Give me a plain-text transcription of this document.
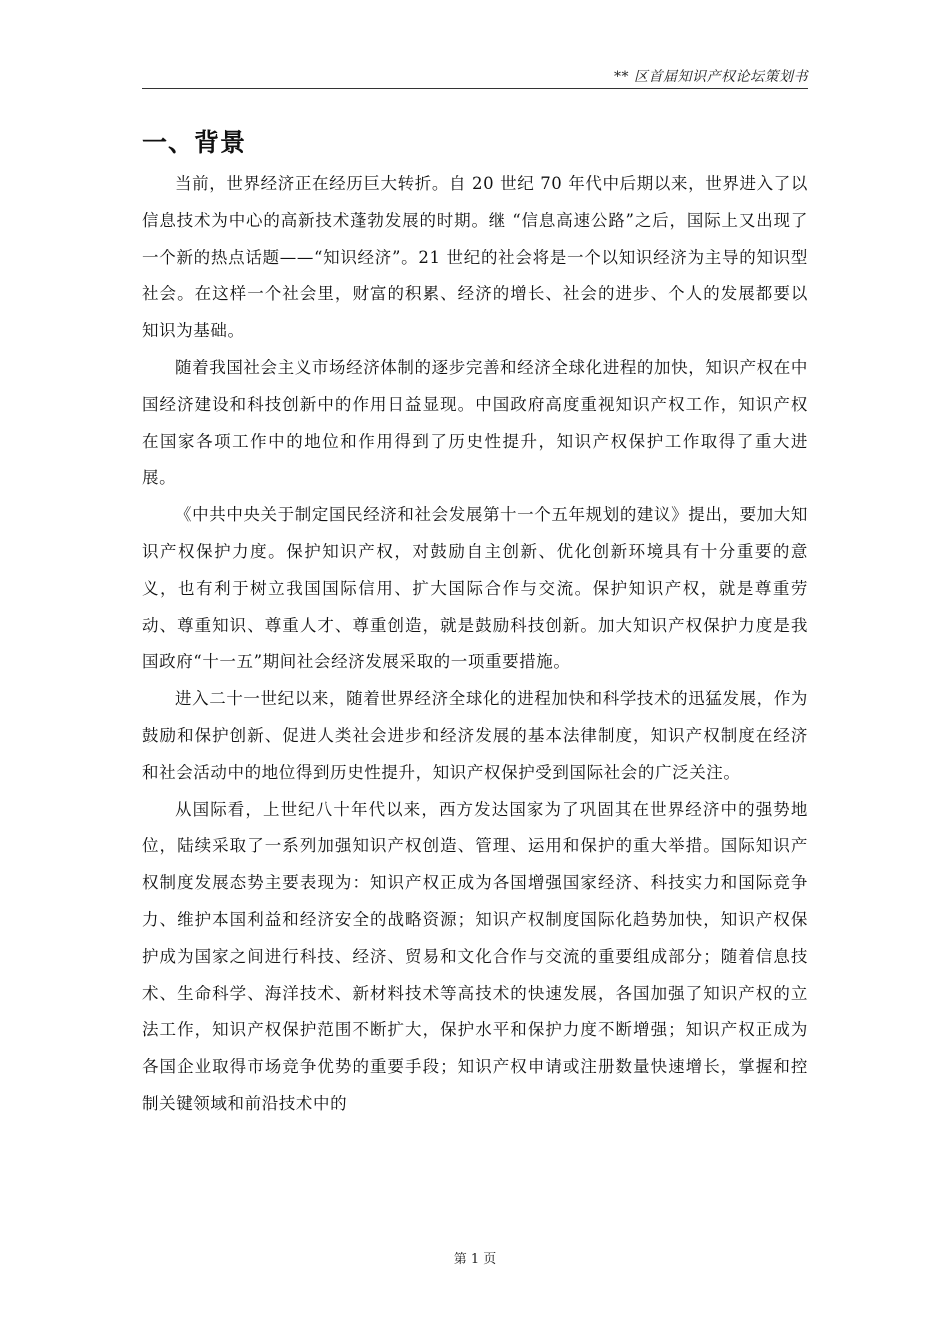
** 区首届知识产权论坛策划书
一、背景

当前，世界经济正在经历巨大转折。自 20 世纪 70 年代中后期以来，世界进入了以信息技术为中心的高新技术蓬勃发展的时期。继 “信息高速公路”之后，国际上又出现了一个新的热点话题——“知识经济”。21 世纪的社会将是一个以知识经济为主导的知识型社会。在这样一个社会里，财富的积累、经济的增长、社会的进步、个人的发展都要以知识为基础。

随着我国社会主义市场经济体制的逐步完善和经济全球化进程的加快，知识产权在中国经济建设和科技创新中的作用日益显现。中国政府高度重视知识产权工作，知识产权在国家各项工作中的地位和作用得到了历史性提升，知识产权保护工作取得了重大进展。

《中共中央关于制定国民经济和社会发展第十一个五年规划的建议》提出，要加大知识产权保护力度。保护知识产权，对鼓励自主创新、优化创新环境具有十分重要的意义，也有利于树立我国国际信用、扩大国际合作与交流。保护知识产权，就是尊重劳动、尊重知识、尊重人才、尊重创造，就是鼓励科技创新。加大知识产权保护力度是我国政府“十一五”期间社会经济发展采取的一项重要措施。

进入二十一世纪以来，随着世界经济全球化的进程加快和科学技术的迅猛发展，作为鼓励和保护创新、促进人类社会进步和经济发展的基本法律制度，知识产权制度在经济和社会活动中的地位得到历史性提升，知识产权保护受到国际社会的广泛关注。

从国际看，上世纪八十年代以来，西方发达国家为了巩固其在世界经济中的强势地位，陆续采取了一系列加强知识产权创造、管理、运用和保护的重大举措。国际知识产权制度发展态势主要表现为：知识产权正成为各国增强国家经济、科技实力和国际竞争力、维护本国利益和经济安全的战略资源；知识产权制度国际化趋势加快，知识产权保护成为国家之间进行科技、经济、贸易和文化合作与交流的重要组成部分；随着信息技术、生命科学、海洋技术、新材料技术等高技术的快速发展，各国加强了知识产权的立法工作，知识产权保护范围不断扩大，保护水平和保护力度不断增强；知识产权正成为各国企业取得市场竞争优势的重要手段；知识产权申请或注册数量快速增长，掌握和控制关键领域和前沿技术中的

第 1 页
